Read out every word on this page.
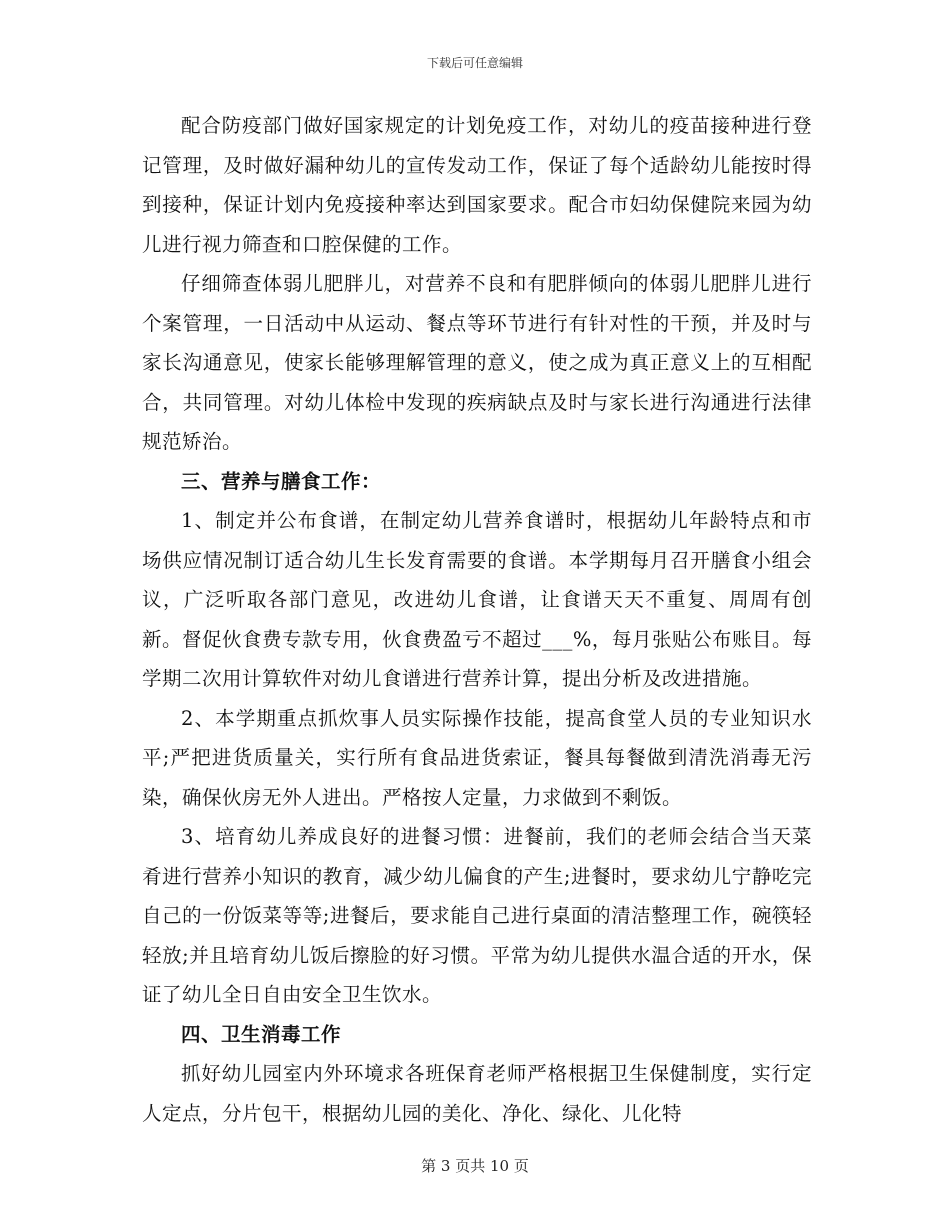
下载后可任意编辑

配合防疫部门做好国家规定的计划免疫工作，对幼儿的疫苗接种进行登记管理，及时做好漏种幼儿的宣传发动工作，保证了每个适龄幼儿能按时得到接种，保证计划内免疫接种率达到国家要求。配合市妇幼保健院来园为幼儿进行视力筛查和口腔保健的工作。

仔细筛查体弱儿肥胖儿，对营养不良和有肥胖倾向的体弱儿肥胖儿进行个案管理，一日活动中从运动、餐点等环节进行有针对性的干预，并及时与家长沟通意见，使家长能够理解管理的意义，使之成为真正意义上的互相配合，共同管理。对幼儿体检中发现的疾病缺点及时与家长进行沟通进行法律规范矫治。

三、营养与膳食工作：

1、制定并公布食谱，在制定幼儿营养食谱时，根据幼儿年龄特点和市场供应情况制订适合幼儿生长发育需要的食谱。本学期每月召开膳食小组会议，广泛听取各部门意见，改进幼儿食谱，让食谱天天不重复、周周有创新。督促伙食费专款专用，伙食费盈亏不超过___%，每月张贴公布账目。每学期二次用计算软件对幼儿食谱进行营养计算，提出分析及改进措施。

2、本学期重点抓炊事人员实际操作技能，提高食堂人员的专业知识水平;严把进货质量关，实行所有食品进货索证，餐具每餐做到清洗消毒无污染，确保伙房无外人进出。严格按人定量，力求做到不剩饭。

3、培育幼儿养成良好的进餐习惯：进餐前，我们的老师会结合当天菜肴进行营养小知识的教育，减少幼儿偏食的产生;进餐时，要求幼儿宁静吃完自己的一份饭菜等等;进餐后，要求能自己进行桌面的清洁整理工作，碗筷轻轻放;并且培育幼儿饭后擦脸的好习惯。平常为幼儿提供水温合适的开水，保证了幼儿全日自由安全卫生饮水。

四、卫生消毒工作

抓好幼儿园室内外环境求各班保育老师严格根据卫生保健制度，实行定人定点，分片包干，根据幼儿园的美化、净化、绿化、儿化特

第 3 页共 10 页
